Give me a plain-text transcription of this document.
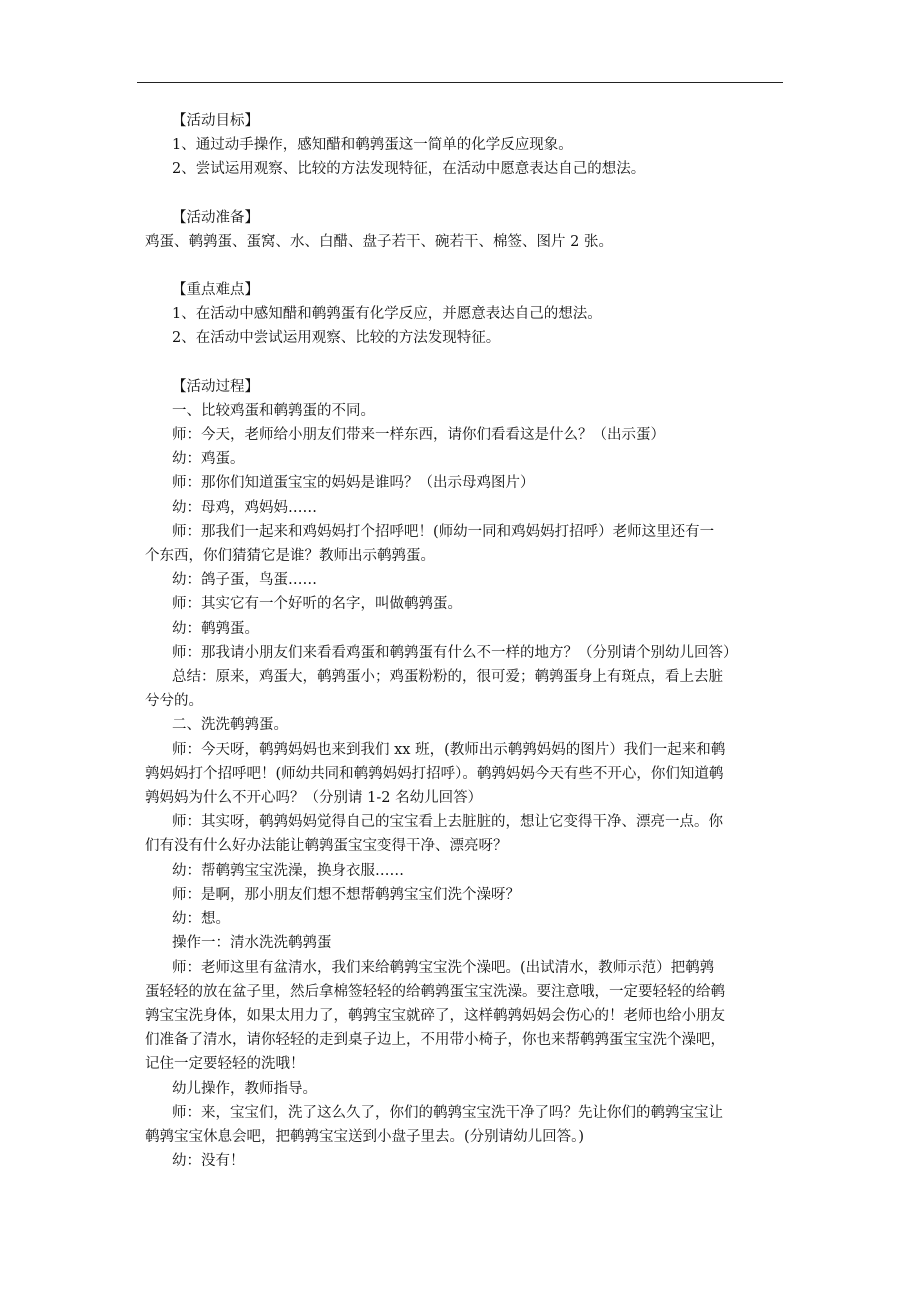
【活动目标】
1、通过动手操作，感知醋和鹌鹑蛋这一简单的化学反应现象。
2、尝试运用观察、比较的方法发现特征，在活动中愿意表达自己的想法。
【活动准备】
鸡蛋、鹌鹑蛋、蛋窝、水、白醋、盘子若干、碗若干、棉签、图片 2 张。
【重点难点】
1、在活动中感知醋和鹌鹑蛋有化学反应，并愿意表达自己的想法。
2、在活动中尝试运用观察、比较的方法发现特征。
【活动过程】
一、比较鸡蛋和鹌鹑蛋的不同。
师：今天，老师给小朋友们带来一样东西，请你们看看这是什么？（出示蛋）
幼：鸡蛋。
师：那你们知道蛋宝宝的妈妈是谁吗？（出示母鸡图片）
幼：母鸡，鸡妈妈……
师：那我们一起来和鸡妈妈打个招呼吧！(师幼一同和鸡妈妈打招呼）老师这里还有一
个东西，你们猜猜它是谁？教师出示鹌鹑蛋。
幼：鸽子蛋，鸟蛋……
师：其实它有一个好听的名字，叫做鹌鹑蛋。
幼：鹌鹑蛋。
师：那我请小朋友们来看看鸡蛋和鹌鹑蛋有什么不一样的地方？（分别请个别幼儿回答）
总结：原来，鸡蛋大，鹌鹑蛋小；鸡蛋粉粉的，很可爱；鹌鹑蛋身上有斑点，看上去脏
兮兮的。
二、洗洗鹌鹑蛋。
师：今天呀，鹌鹑妈妈也来到我们 xx 班，(教师出示鹌鹑妈妈的图片）我们一起来和鹌
鹑妈妈打个招呼吧！(师幼共同和鹌鹑妈妈打招呼）。鹌鹑妈妈今天有些不开心，你们知道鹌
鹑妈妈为什么不开心吗？（分别请 1-2 名幼儿回答）
师：其实呀，鹌鹑妈妈觉得自己的宝宝看上去脏脏的，想让它变得干净、漂亮一点。你
们有没有什么好办法能让鹌鹑蛋宝宝变得干净、漂亮呀？
幼：帮鹌鹑宝宝洗澡，换身衣服……
师：是啊，那小朋友们想不想帮鹌鹑宝宝们洗个澡呀？
幼：想。
操作一：清水洗洗鹌鹑蛋
师：老师这里有盆清水，我们来给鹌鹑宝宝洗个澡吧。(出试清水，教师示范）把鹌鹑
蛋轻轻的放在盆子里，然后拿棉签轻轻的给鹌鹑蛋宝宝洗澡。要注意哦，一定要轻轻的给鹌
鹑宝宝洗身体，如果太用力了，鹌鹑宝宝就碎了，这样鹌鹑妈妈会伤心的！老师也给小朋友
们准备了清水，请你轻轻的走到桌子边上，不用带小椅子，你也来帮鹌鹑蛋宝宝洗个澡吧，
记住一定要轻轻的洗哦！
幼儿操作，教师指导。
师：来，宝宝们，洗了这么久了，你们的鹌鹑宝宝洗干净了吗？先让你们的鹌鹑宝宝让
鹌鹑宝宝休息会吧，把鹌鹑宝宝送到小盘子里去。(分别请幼儿回答。)
幼：没有！
